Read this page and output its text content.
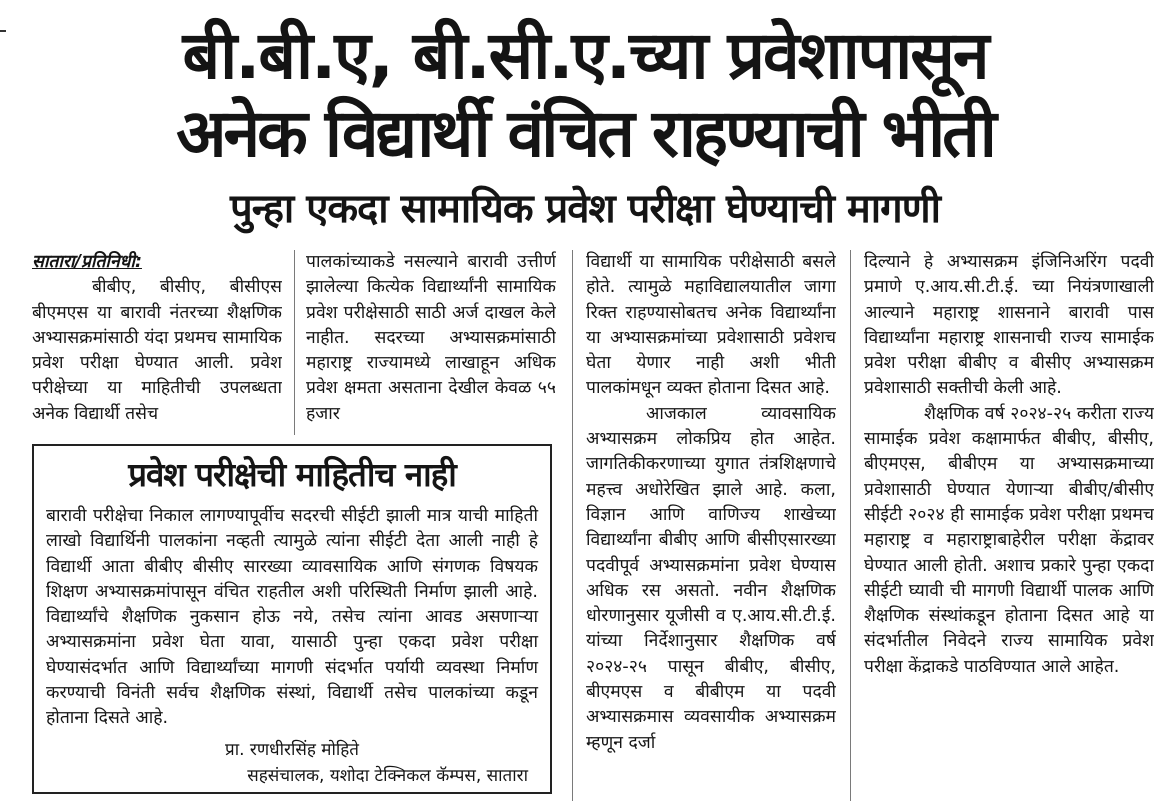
बी.बी.ए, बी.सी.ए.च्या प्रवेशापासून
अनेक विद्यार्थी वंचित राहण्याची भीती
पुन्हा एकदा सामायिक प्रवेश परीक्षा घेण्याची मागणी

सातारा/प्रतिनिधी:

बीबीए, बीसीए, बीसीएस बीएमएस या बारावी नंतरच्या शैक्षणिक अभ्यासक्रमांसाठी यंदा प्रथमच सामायिक प्रवेश परीक्षा घेण्यात आली. प्रवेश परीक्षेच्या या माहितीची उपलब्धता अनेक विद्यार्थी तसेच

पालकांच्याकडे नसल्याने बारावी उत्तीर्ण झालेल्या कित्येक विद्यार्थ्यांनी सामायिक प्रवेश परीक्षेसाठी साठी अर्ज दाखल केले नाहीत. सदरच्या अभ्यासक्रमांसाठी महाराष्ट्र राज्यामध्ये लाखाहून अधिक प्रवेश क्षमता असताना देखील केवळ ५५ हजार

विद्यार्थी या सामायिक परीक्षेसाठी बसले होते. त्यामुळे महाविद्यालयातील जागा रिक्त राहण्यासोबतच अनेक विद्यार्थ्यांना या अभ्यासक्रमांच्या प्रवेशासाठी प्रवेशच घेता येणार नाही अशी भीती पालकांमधून व्यक्त होताना दिसत आहे.

आजकाल व्यावसायिक अभ्यासक्रम लोकप्रिय होत आहेत. जागतिकीकरणाच्या युगात तंत्रशिक्षणाचे महत्त्व अधोरेखित झाले आहे. कला, विज्ञान आणि वाणिज्य शाखेच्या विद्यार्थ्यांना बीबीए आणि बीसीएसारख्या पदवीपूर्व अभ्यासक्रमांना प्रवेश घेण्यास अधिक रस असतो. नवीन शैक्षणिक धोरणानुसार यूजीसी व ए.आय.सी.टी.ई. यांच्या निर्देशानुसार शैक्षणिक वर्ष २०२४-२५ पासून बीबीए, बीसीए, बीएमएस व बीबीएम या पदवी अभ्यासक्रमास व्यवसायीक अभ्यासक्रम म्हणून दर्जा

दिल्याने हे अभ्यासक्रम इंजिनिअरिंग पदवी प्रमाणे ए.आय.सी.टी.ई. च्या नियंत्रणाखाली आल्याने महाराष्ट्र शासनाने बारावी पास विद्यार्थ्यांना महाराष्ट्र शासनाची राज्य सामाईक प्रवेश परीक्षा बीबीए व बीसीए अभ्यासक्रम प्रवेशासाठी सक्तीची केली आहे.

शैक्षणिक वर्ष २०२४-२५ करीता राज्य सामाईक प्रवेश कक्षामार्फत बीबीए, बीसीए, बीएमएस, बीबीएम या अभ्यासक्रमाच्या प्रवेशासाठी घेण्यात येणाऱ्या बीबीए/बीसीए सीईटी २०२४ ही सामाईक प्रवेश परीक्षा प्रथमच महाराष्ट्र व महाराष्ट्राबाहेरील परीक्षा केंद्रावर घेण्यात आली होती. अशाच प्रकारे पुन्हा एकदा सीईटी घ्यावी ची मागणी विद्यार्थी पालक आणि शैक्षणिक संस्थांकडून होताना दिसत आहे या संदर्भातील निवेदने राज्य सामायिक प्रवेश परीक्षा केंद्राकडे पाठविण्यात आले आहेत.

प्रवेश परीक्षेची माहितीच नाही

बारावी परीक्षेचा निकाल लागण्यापूर्वीच सदरची सीईटी झाली मात्र याची माहिती लाखो विद्यार्थिनी पालकांना नव्हती त्यामुळे त्यांना सीईटी देता आली नाही हे विद्यार्थी आता बीबीए बीसीए सारख्या व्यावसायिक आणि संगणक विषयक शिक्षण अभ्यासक्रमांपासून वंचित राहतील अशी परिस्थिती निर्माण झाली आहे. विद्यार्थ्यांचे शैक्षणिक नुकसान होऊ नये, तसेच त्यांना आवड असणाऱ्या अभ्यासक्रमांना प्रवेश घेता यावा, यासाठी पुन्हा एकदा प्रवेश परीक्षा घेण्यासंदर्भात आणि विद्यार्थ्यांच्या मागणी संदर्भात पर्यायी व्यवस्था निर्माण करण्याची विनंती सर्वच शैक्षणिक संस्थां, विद्यार्थी तसेच पालकांच्या कडून होताना दिसते आहे.

प्रा. रणधीरसिंह मोहिते

सहसंचालक, यशोदा टेक्निकल कॅम्पस, सातारा
